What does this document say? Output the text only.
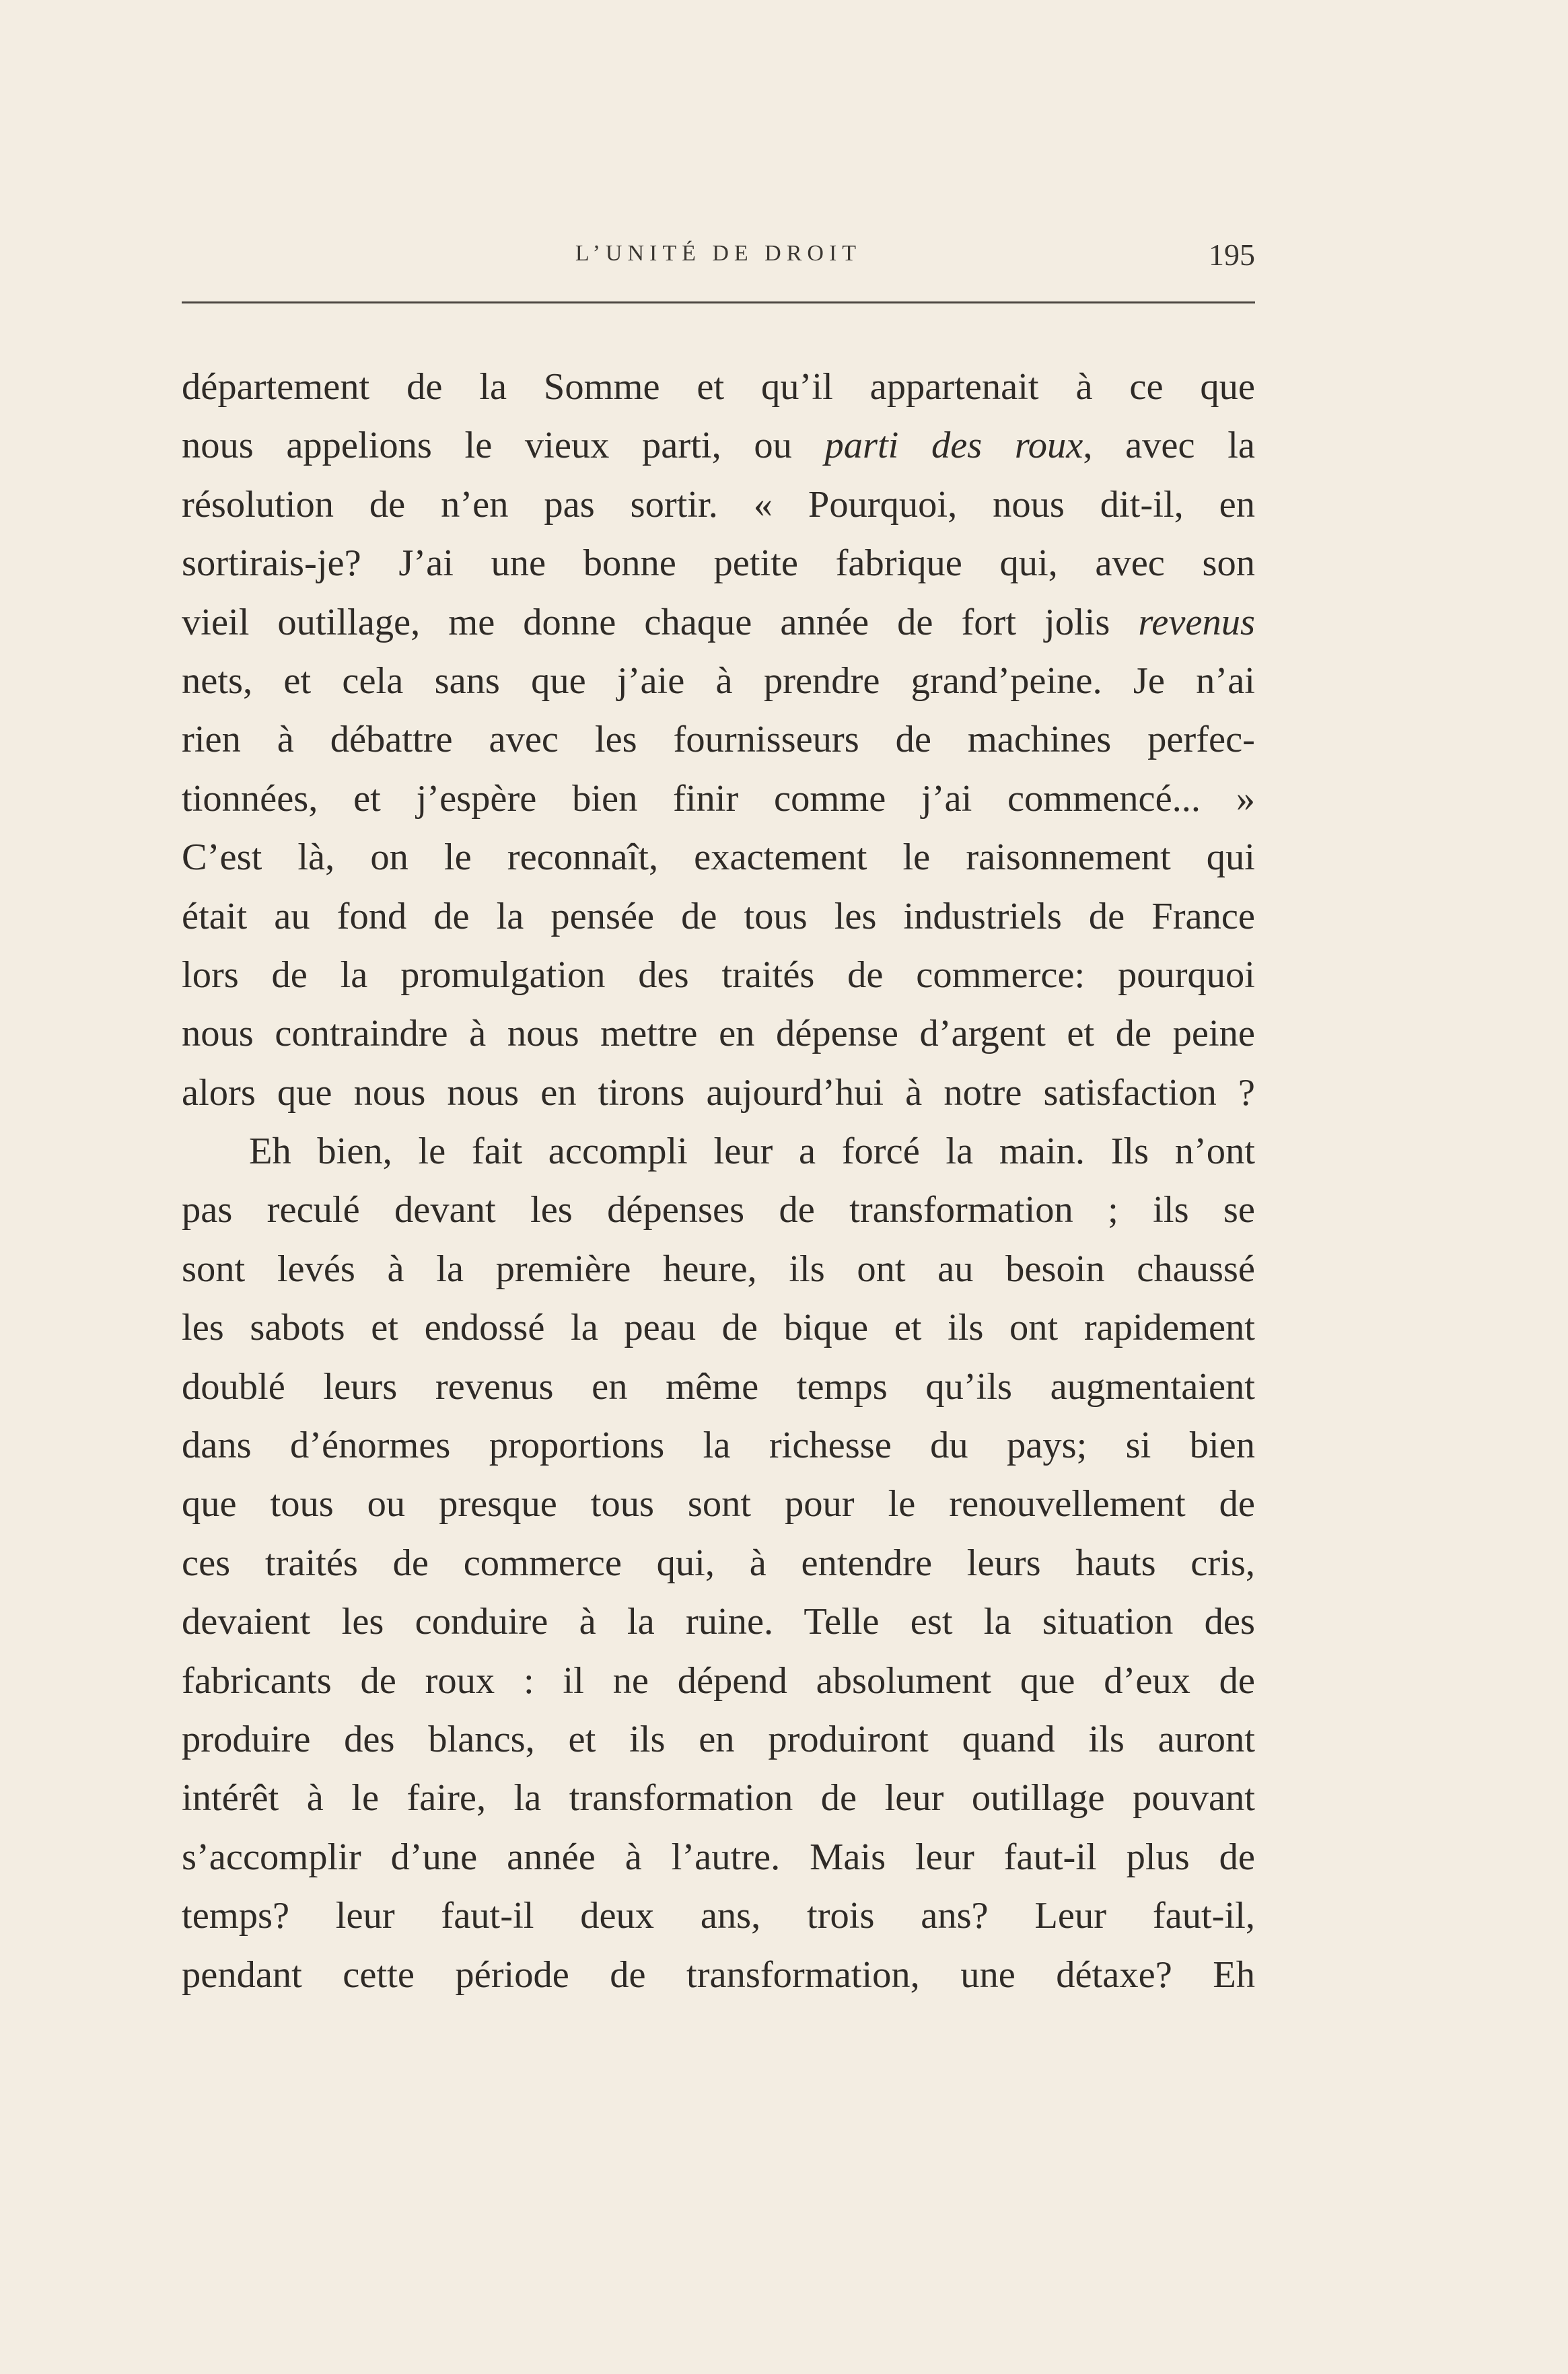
L’UNITÉ DE DROIT	195
département de la Somme et qu’il appartenait à ce que
nous appelions le vieux parti, ou parti des roux, avec la
résolution de n’en pas sortir. « Pourquoi, nous dit-il, en
sortirais-je? J’ai une bonne petite fabrique qui, avec son
vieil outillage, me donne chaque année de fort jolis revenus
nets, et cela sans que j’aie à prendre grand’peine. Je n’ai
rien à débattre avec les fournisseurs de machines perfec-
tionnées, et j’espère bien finir comme j’ai commencé... »
C’est là, on le reconnaît, exactement le raisonnement qui
était au fond de la pensée de tous les industriels de France
lors de la promulgation des traités de commerce: pourquoi
nous contraindre à nous mettre en dépense d’argent et de peine
alors que nous nous en tirons aujourd’hui à notre satisfaction ?
Eh bien, le fait accompli leur a forcé la main. Ils n’ont
pas reculé devant les dépenses de transformation ; ils se
sont levés à la première heure, ils ont au besoin chaussé
les sabots et endossé la peau de bique et ils ont rapidement
doublé leurs revenus en même temps qu’ils augmentaient
dans d’énormes proportions la richesse du pays; si bien
que tous ou presque tous sont pour le renouvellement de
ces traités de commerce qui, à entendre leurs hauts cris,
devaient les conduire à la ruine. Telle est la situation des
fabricants de roux : il ne dépend absolument que d’eux de
produire des blancs, et ils en produiront quand ils auront
intérêt à le faire, la transformation de leur outillage pouvant
s’accomplir d’une année à l’autre. Mais leur faut-il plus de
temps? leur faut-il deux ans, trois ans? Leur faut-il,
pendant cette période de transformation, une détaxe? Eh
